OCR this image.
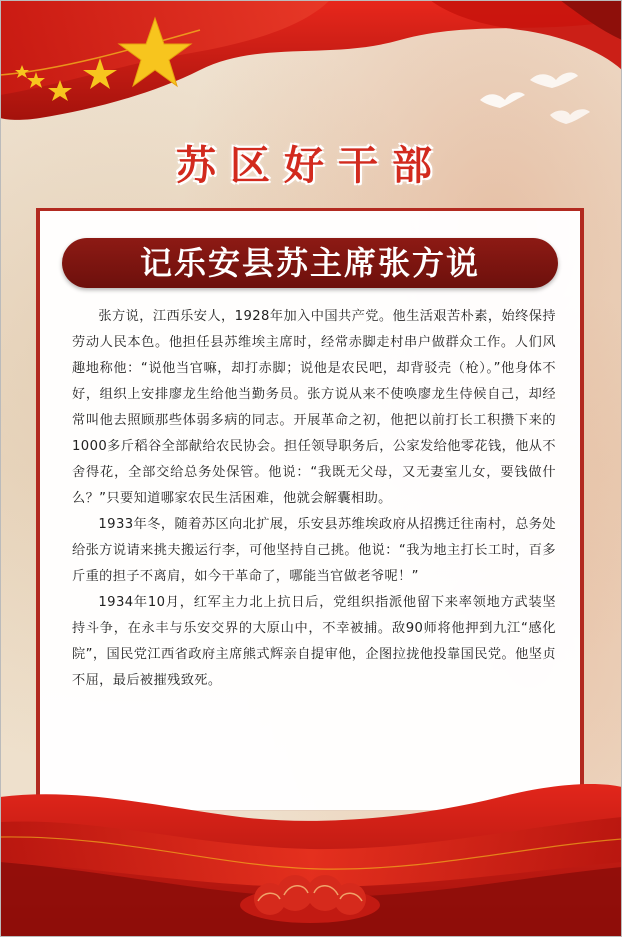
苏区好干部
记乐安县苏主席张方说

张方说，江西乐安人，1928年加入中国共产党。他生活艰苦朴素，始终保持劳动人民本色。他担任县苏维埃主席时，经常赤脚走村串户做群众工作。人们风趣地称他：“说他当官嘛，却打赤脚；说他是农民吧，却背驳壳（枪）。”他身体不好，组织上安排廖龙生给他当勤务员。张方说从来不使唤廖龙生侍候自己，却经常叫他去照顾那些体弱多病的同志。开展革命之初，他把以前打长工积攒下来的1000多斤稻谷全部献给农民协会。担任领导职务后，公家发给他零花钱，他从不舍得花，全部交给总务处保管。他说：“我既无父母，又无妻室儿女，要钱做什么？”只要知道哪家农民生活困难，他就会解囊相助。

1933年冬，随着苏区向北扩展，乐安县苏维埃政府从招携迁往南村，总务处给张方说请来挑夫搬运行李，可他坚持自己挑。他说：“我为地主打长工时，百多斤重的担子不离肩，如今干革命了，哪能当官做老爷呢！”

1934年10月，红军主力北上抗日后，党组织指派他留下来率领地方武装坚持斗争，在永丰与乐安交界的大原山中，不幸被捕。敌90师将他押到九江“感化院”，国民党江西省政府主席熊式辉亲自提审他，企图拉拢他投靠国民党。他坚贞不屈，最后被摧残致死。
